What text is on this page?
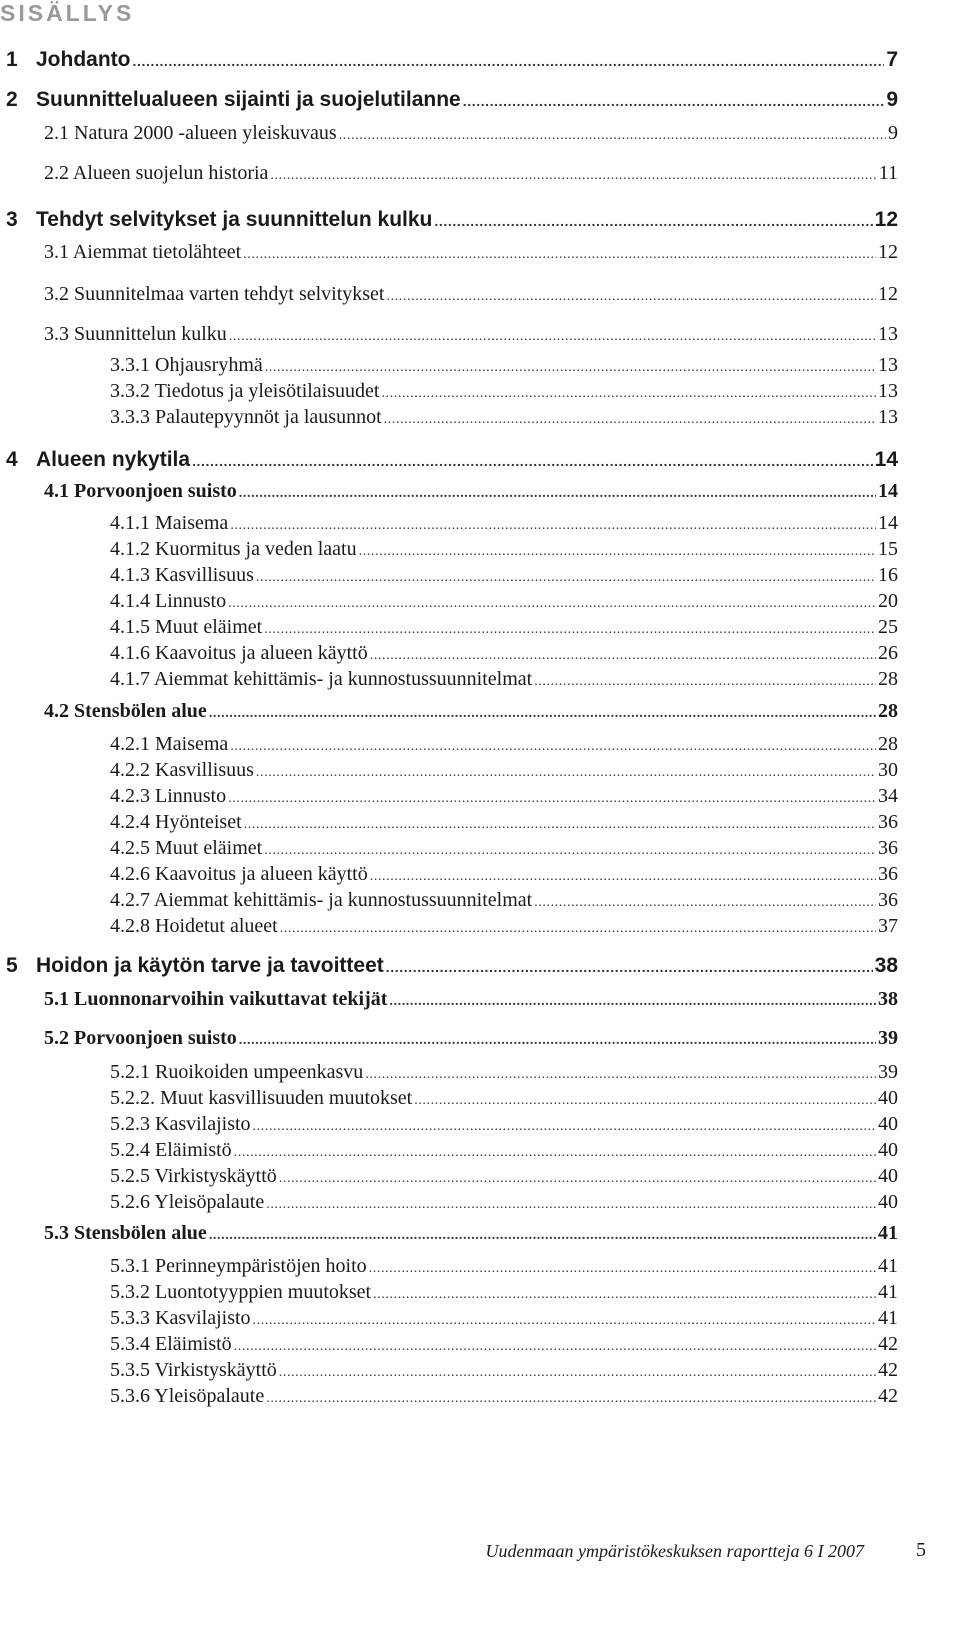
SISÄLLYS
1 Johdanto .....	7
2 Suunnittelualueen sijainti ja suojelutilanne .....	9
2.1 Natura 2000 -alueen yleiskuvaus .....	9
2.2 Alueen suojelun historia .....	11
3 Tehdyt selvitykset ja suunnittelun kulku .....	12
3.1 Aiemmat tietolähteet .....	12
3.2 Suunnitelmaa varten tehdyt selvitykset .....	12
3.3 Suunnittelun kulku .....	13
3.3.1 Ohjausryhmä .....	13
3.3.2 Tiedotus ja yleisötilaisuudet .....	13
3.3.3 Palautepyynnöt ja lausunnot .....	13
4 Alueen nykytila .....	14
4.1 Porvoonjoen suisto .....	14
4.1.1 Maisema .....	14
4.1.2 Kuormitus ja veden laatu .....	15
4.1.3 Kasvillisuus .....	16
4.1.4 Linnusto .....	20
4.1.5 Muut eläimet .....	25
4.1.6 Kaavoitus ja alueen käyttö .....	26
4.1.7 Aiemmat kehittämis- ja kunnostussuunnitelmat .....	28
4.2 Stensbölen alue .....	28
4.2.1 Maisema .....	28
4.2.2 Kasvillisuus .....	30
4.2.3 Linnusto .....	34
4.2.4 Hyönteiset .....	36
4.2.5 Muut eläimet .....	36
4.2.6 Kaavoitus ja alueen käyttö .....	36
4.2.7 Aiemmat kehittämis- ja kunnostussuunnitelmat .....	36
4.2.8 Hoidetut alueet .....	37
5 Hoidon ja käytön tarve ja tavoitteet .....	38
5.1 Luonnonarvoihin vaikuttavat tekijät .....	38
5.2 Porvoonjoen suisto .....	39
5.2.1 Ruoikoiden umpeenkasvu .....	39
5.2.2. Muut kasvillisuuden muutokset .....	40
5.2.3 Kasvilajisto .....	40
5.2.4 Eläimistö .....	40
5.2.5 Virkistyskäyttö .....	40
5.2.6 Yleisöpalaute .....	40
5.3 Stensbölen alue .....	41
5.3.1 Perinneympäristöjen hoito .....	41
5.3.2 Luontotyyppien muutokset .....	41
5.3.3 Kasvilajisto .....	41
5.3.4 Eläimistö .....	42
5.3.5 Virkistyskäyttö .....	42
5.3.6 Yleisöpalaute .....	42
Uudenmaan ympäristökeskuksen raportteja 6 I 2007	5
